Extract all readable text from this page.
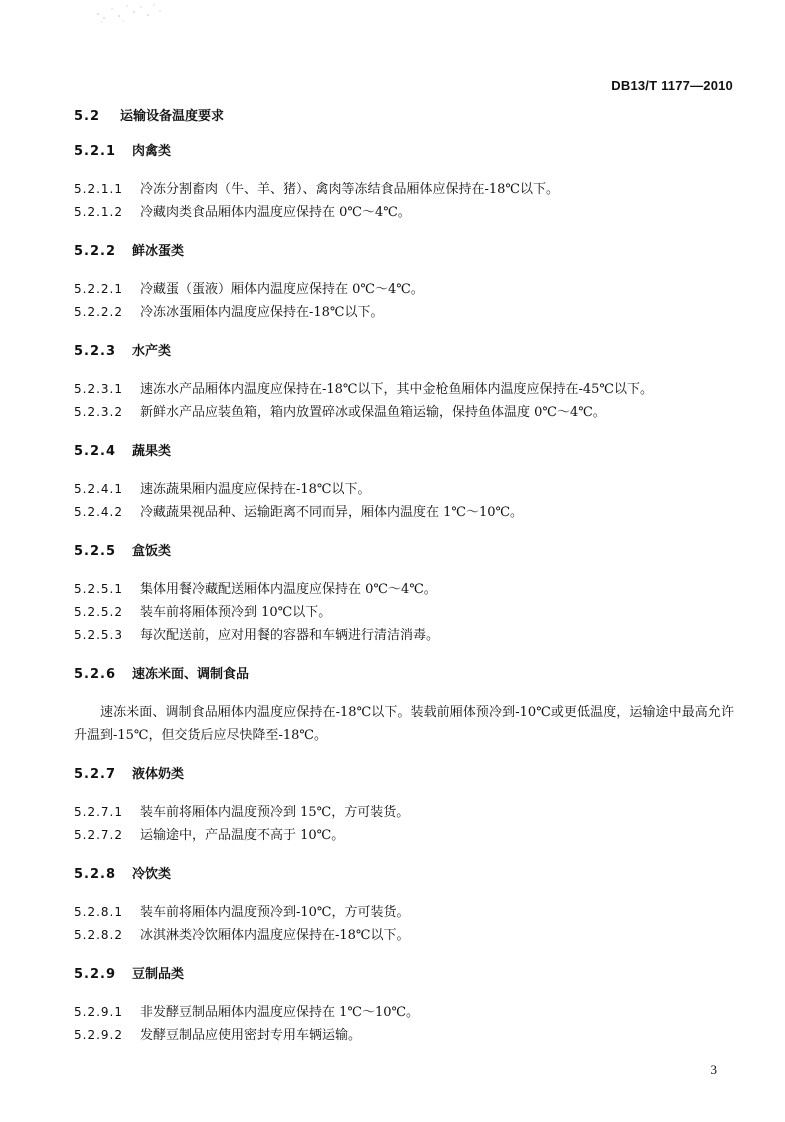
DB13/T 1177—2010
5.2 运输设备温度要求
5.2.1 肉禽类
5.2.1.1 冷冻分割畜肉（牛、羊、猪）、禽肉等冻结食品厢体应保持在-18℃以下。
5.2.1.2 冷藏肉类食品厢体内温度应保持在 0℃～4℃。
5.2.2 鲜冰蛋类
5.2.2.1 冷藏蛋（蛋液）厢体内温度应保持在 0℃～4℃。
5.2.2.2 冷冻冰蛋厢体内温度应保持在-18℃以下。
5.2.3 水产类
5.2.3.1 速冻水产品厢体内温度应保持在-18℃以下，其中金枪鱼厢体内温度应保持在-45℃以下。
5.2.3.2 新鲜水产品应装鱼箱，箱内放置碎冰或保温鱼箱运输，保持鱼体温度 0℃～4℃。
5.2.4 蔬果类
5.2.4.1 速冻蔬果厢内温度应保持在-18℃以下。
5.2.4.2 冷藏蔬果视品种、运输距离不同而异，厢体内温度在 1℃～10℃。
5.2.5 盒饭类
5.2.5.1 集体用餐冷藏配送厢体内温度应保持在 0℃～4℃。
5.2.5.2 装车前将厢体预冷到 10℃以下。
5.2.5.3 每次配送前，应对用餐的容器和车辆进行清洁消毒。
5.2.6 速冻米面、调制食品
速冻米面、调制食品厢体内温度应保持在-18℃以下。装载前厢体预冷到-10℃或更低温度，运输途中最高允许升温到-15℃，但交货后应尽快降至-18℃。
5.2.7 液体奶类
5.2.7.1 装车前将厢体内温度预冷到 15℃，方可装货。
5.2.7.2 运输途中，产品温度不高于 10℃。
5.2.8 冷饮类
5.2.8.1 装车前将厢体内温度预冷到-10℃，方可装货。
5.2.8.2 冰淇淋类冷饮厢体内温度应保持在-18℃以下。
5.2.9 豆制品类
5.2.9.1 非发酵豆制品厢体内温度应保持在 1℃～10℃。
5.2.9.2 发酵豆制品应使用密封专用车辆运输。
3
